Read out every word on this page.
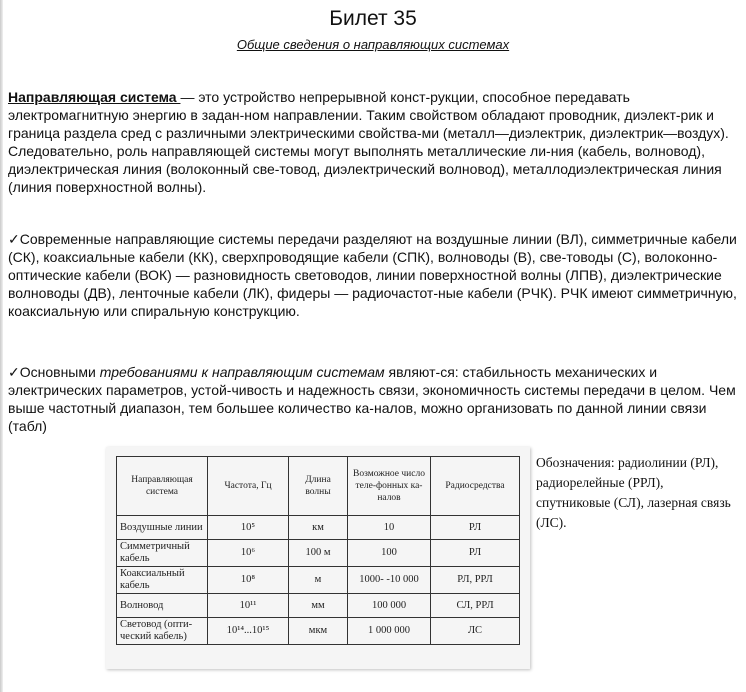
Билет 35
Общие сведения о направляющих системах
Направляющая система — это устройство непрерывной конст-рукции, способное передавать электромагнитную энергию в задан-ном направлении. Таким свойством обладают проводник, диэлект-рик и граница раздела сред с различными электрическими свойства-ми (металл—диэлектрик, диэлектрик—воздух). Следовательно, роль направляющей системы могут выполнять металлические ли-ния (кабель, волновод), диэлектрическая линия (волоконный све-товод, диэлектрический волновод), металлодиэлектрическая линия (линия поверхностной волны).
✓Современные направляющие системы передачи разделяют на воздушные линии (ВЛ), симметричные кабели (СК), коаксиальные кабели (КК), сверхпроводящие кабели (СПК), волноводы (В), све-товоды (С), волоконно-оптические кабели (ВОК) — разновидность световодов, линии поверхностной волны (ЛПВ), диэлектрические волноводы (ДВ), ленточные кабели (ЛК), фидеры — радиочастот-ные кабели (РЧК). РЧК имеют симметричную, коаксиальную или спиральную конструкцию.
✓Основными требованиями к направляющим системам являют-ся: стабильность механических и электрических параметров, устой-чивость и надежность связи, экономичность системы передачи в целом. Чем выше частотный диапазон, тем большее количество ка-налов, можно организовать по данной линии связи (табл)
Направляющая система	Частота, Гц	Длина волны	Возможное число теле-фонных ка-налов	Радиосредства
Воздушные линии	10⁵	км	10	РЛ
Симметричный кабель	10⁶	100 м	100	РЛ
Коаксиальный кабель	10⁸	м	1000- -10 000	РЛ, РРЛ
Волновод	10¹¹	мм	100 000	СЛ, РРЛ
Световод (опти-ческий кабель)	10¹⁴...10¹⁵	мкм	1 000 000	ЛС
Обозначения: радиолинии (РЛ), радиорелейные (РРЛ), спутниковые (СЛ), лазерная связь (ЛС).
